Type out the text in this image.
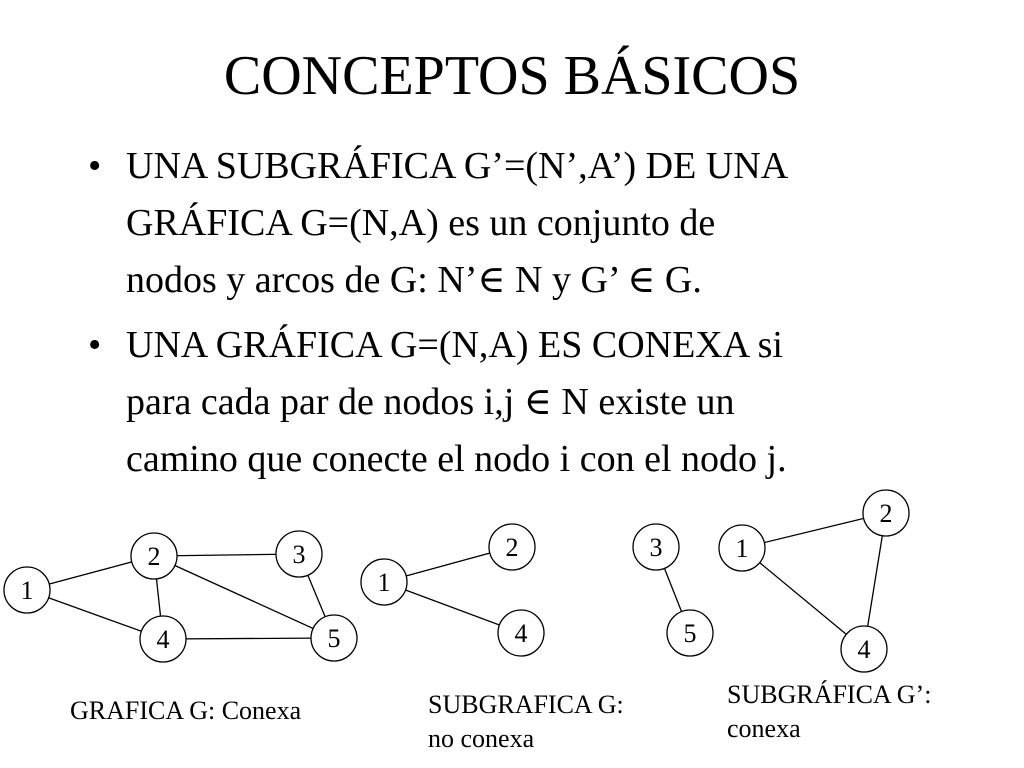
CONCEPTOS BÁSICOS
• UNA SUBGRÁFICA G’=(N’,A’) DE UNA
GRÁFICA G=(N,A) es un conjunto de
nodos y arcos de G: N’∈ N y G’ ∈ G.
• UNA GRÁFICA G=(N,A) ES CONEXA si
para cada par de nodos i,j ∈ N existe un
camino que conecte el nodo i con el nodo j.
1
2	3
4	5
1
2
4
3
5
1
2
4
GRAFICA G: Conexa	SUBGRAFICA G:
no conexa
SUBGRÁFICA G’:
conexa
